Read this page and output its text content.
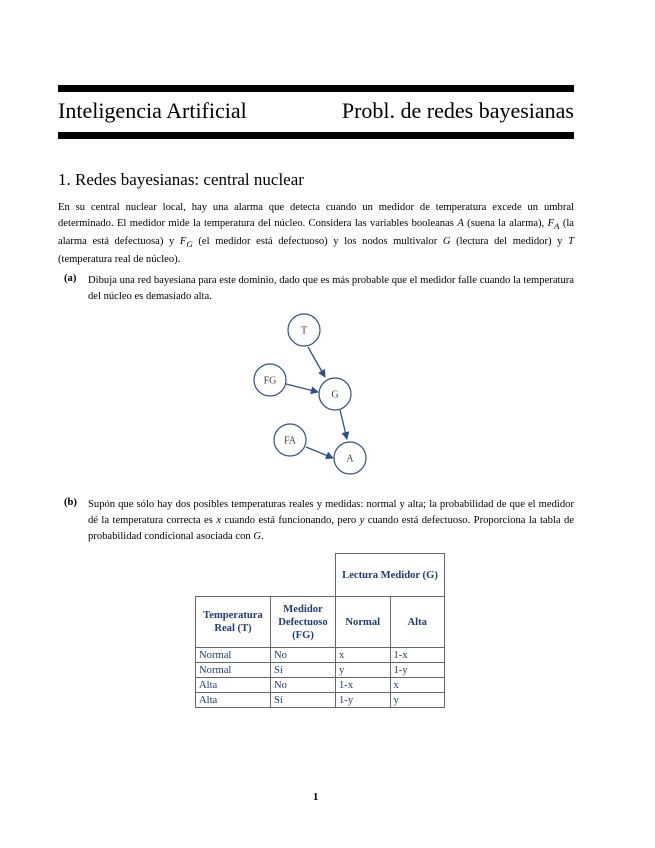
Inteligencia Artificial	Probl. de redes bayesianas
1. Redes bayesianas: central nuclear
En su central nuclear local, hay una alarma que detecta cuando un medidor de temperatura excede un umbral determinado. El medidor mide la temperatura del núcleo. Considera las variables booleanas A (suena la alarma), $F_A$ (la alarma está defectuosa) y $F_G$ (el medidor está defectuoso) y los nodos multivalor G (lectura del medidor) y T (temperatura real de núcleo).
(a) Dibuja una red bayesiana para este dominio, dado que es más probable que el medidor falle cuando la temperatura del núcleo es demasiado alta.
T
FG
G
FA
A
(b) Supón que sólo hay dos posibles temperaturas reales y medidas: normal y alta; la probabilidad de que el medidor dé la temperatura correcta es x cuando está funcionando, pero y cuando está defectuoso. Proporciona la tabla de probabilidad condicional asociada con G.
		Lectura Medidor (G)	
Temperatura Real (T)	Medidor Defectuoso (FG)	Normal	Alta
Normal	No	x	1-x
Normal	Sí	y	1-y
Alta	No	1-x	x
Alta	Sí	1-y	y
1
